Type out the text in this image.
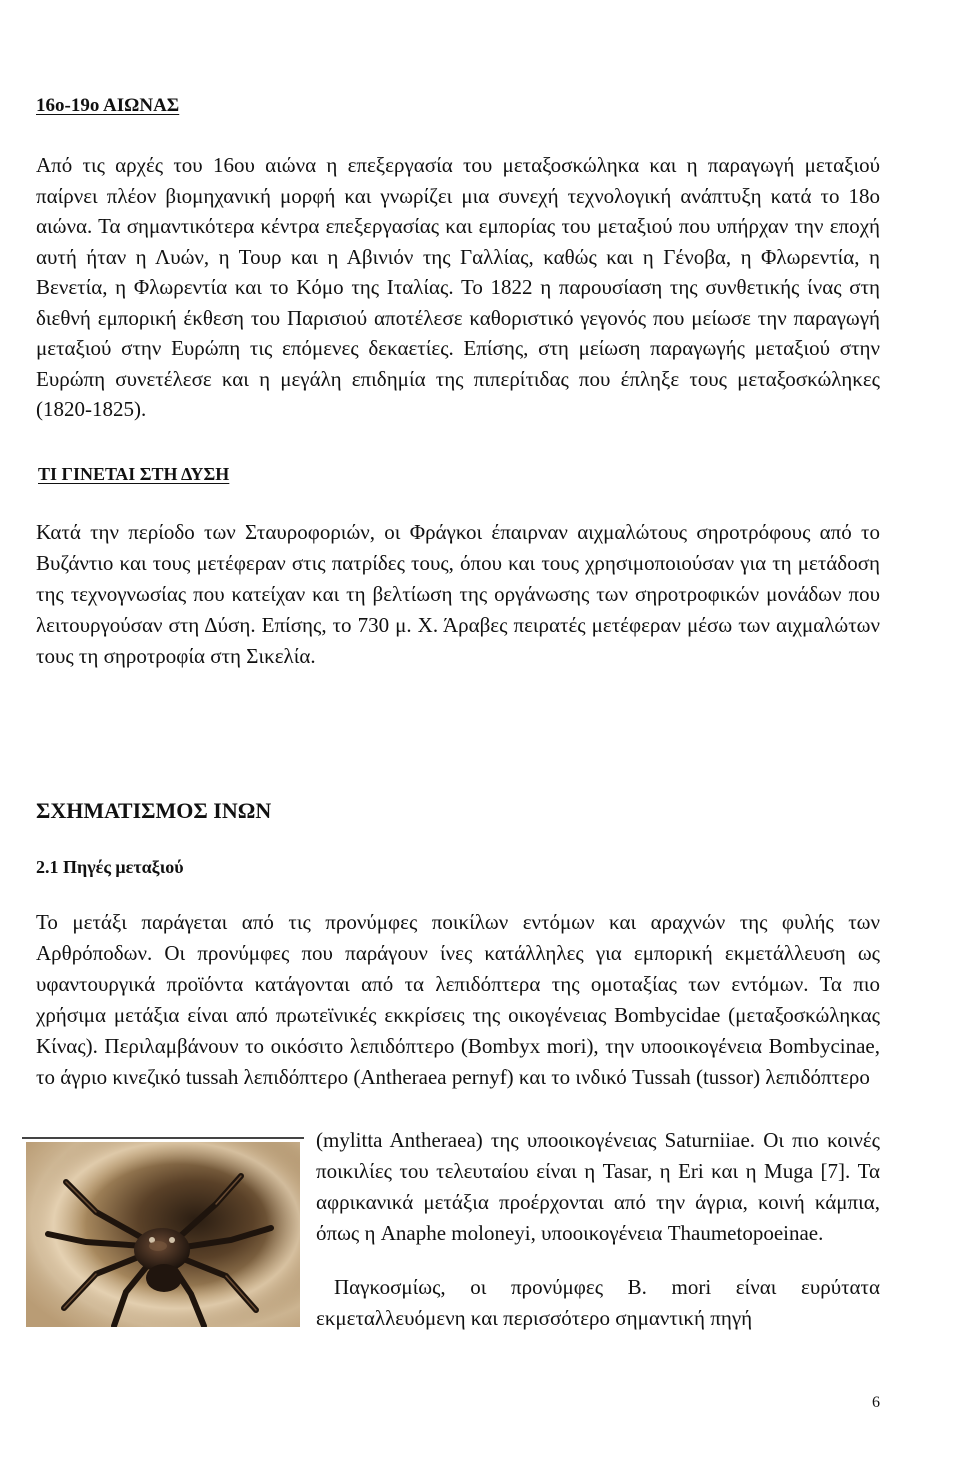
16ο-19ο ΑΙΩΝΑΣ

Από τις αρχές του 16ου αιώνα η επεξεργασία του μεταξοσκώληκα και η παραγωγή μεταξιού παίρνει πλέον βιομηχανική μορφή και γνωρίζει μια συνεχή τεχνολογική ανάπτυξη κατά το 18ο αιώνα. Τα σημαντικότερα κέντρα επεξεργασίας και εμπορίας του μεταξιού που υπήρχαν την εποχή αυτή ήταν η Λυών, η Τουρ και η Αβινιόν της Γαλλίας, καθώς και η Γένοβα, η Φλωρεντία, η Βενετία, η Φλωρεντία και το Κόμο της Ιταλίας. Το 1822 η παρουσίαση της συνθετικής ίνας στη διεθνή εμπορική έκθεση του Παρισιού αποτέλεσε καθοριστικό γεγονός που μείωσε την παραγωγή μεταξιού στην Ευρώπη τις επόμενες δεκαετίες. Επίσης, στη μείωση παραγωγής μεταξιού στην Ευρώπη συνετέλεσε και η μεγάλη επιδημία της πιπερίτιδας που έπληξε τους μεταξοσκώληκες (1820-1825).

ΤΙ ΓΙΝΕΤΑΙ ΣΤΗ ΔΥΣΗ

Κατά την περίοδο των Σταυροφοριών, οι Φράγκοι έπαιρναν αιχμαλώτους σηροτρόφους από το Βυζάντιο και τους μετέφεραν στις πατρίδες τους, όπου και τους χρησιμοποιούσαν για τη μετάδοση της τεχνογνωσίας που κατείχαν και τη βελτίωση της οργάνωσης των σηροτροφικών μονάδων που λειτουργούσαν στη Δύση. Επίσης, το 730 μ. Χ. Άραβες πειρατές μετέφεραν μέσω των αιχμαλώτων τους τη σηροτροφία στη Σικελία.

ΣΧΗΜΑΤΙΣΜΟΣ ΙΝΩΝ
2.1 Πηγές μεταξιού

Το μετάξι παράγεται από τις προνύμφες ποικίλων εντόμων και αραχνών της φυλής των Αρθρόποδων. Οι προνύμφες που παράγουν ίνες κατάλληλες για εμπορική εκμετάλλευση ως υφαντουργικά προϊόντα κατάγονται από τα λεπιδόπτερα της ομοταξίας των εντόμων. Τα πιο χρήσιμα μετάξια είναι από πρωτεϊνικές εκκρίσεις της οικογένειας Bombycidae (μεταξοσκώληκας Κίνας). Περιλαμβάνουν το οικόσιτο λεπιδόπτερο (Bombyx mori), την υποοικογένεια Bombycinae, το άγριο κινεζικό tussah λεπιδόπτερο (Antheraea pernyf) και το ινδικό Tussah (tussor) λεπιδόπτερο

(mylitta Antheraea) της υποοικογένειας Saturniiae. Οι πιο κοινές ποικιλίες του τελευταίου είναι η Tasar, η Eri και η Muga [7]. Τα αφρικανικά μετάξια προέρχονται από την άγρια, κοινή κάμπια, όπως η Anaphe moloneyi, υποοικογένεια Thaumetopoeinae.

Παγκοσμίως, οι προνύμφες B. mori είναι ευρύτατα εκμεταλλευόμενη και περισσότερο σημαντική πηγή

6
